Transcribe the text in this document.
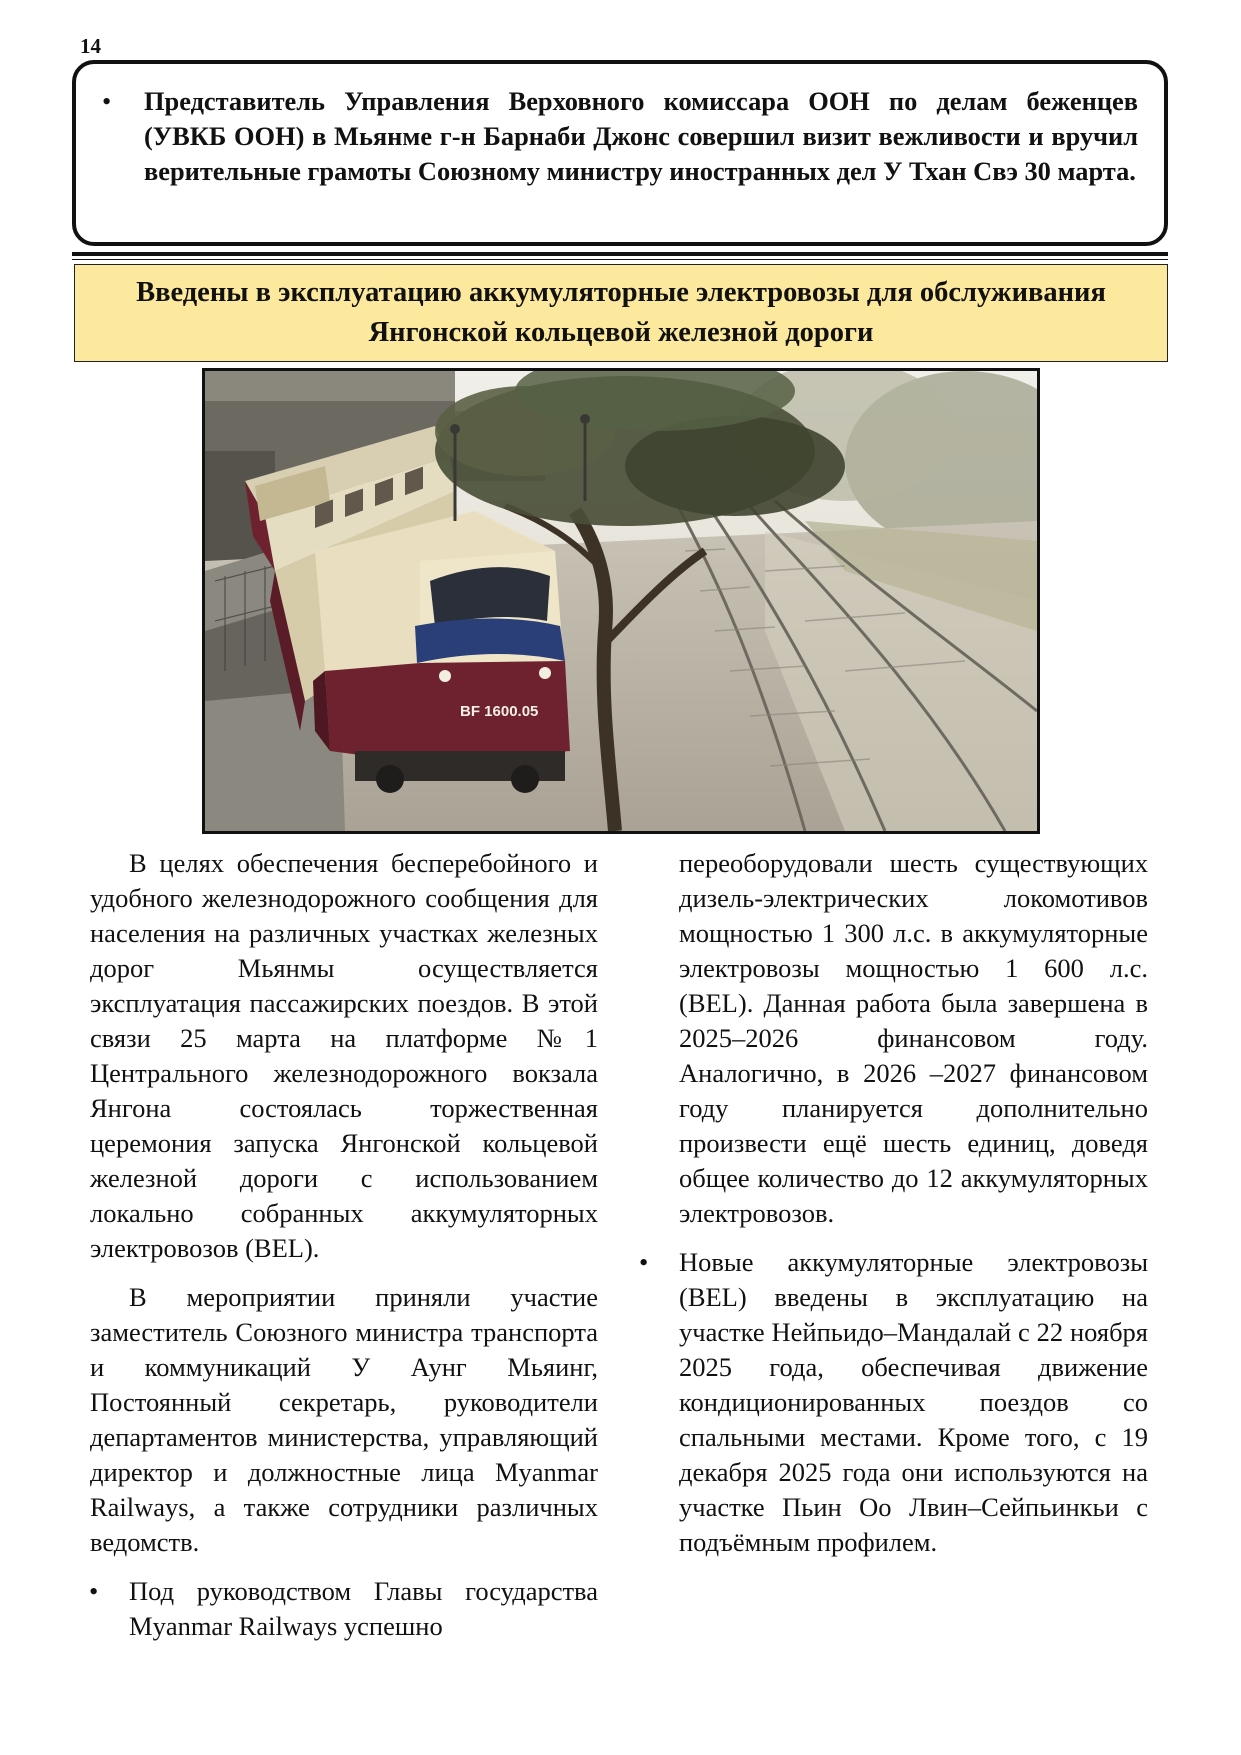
14
• Представитель Управления Верховного комиссара ООН по делам беженцев (УВКБ ООН) в Мьянме г-н Барнаби Джонс совершил визит вежливости и вручил верительные грамоты Союзному министру иностранных дел У Тхан Свэ 30 марта.
Введены в эксплуатацию аккумуляторные электровозы для обслуживания
Янгонской кольцевой железной дороги
BF 1600.05

В целях обеспечения бесперебойного и удобного железнодорожного сообщения для населения на различных участках железных дорог Мьянмы осуществляется эксплуатация пассажирских поездов. В этой связи 25 марта на платформе №1 Центрального железнодорожного вокзала Янгона состоялась торжественная церемония запуска Янгонской кольцевой железной дороги с использованием локально собранных аккумуляторных электровозов (BEL).

В мероприятии приняли участие заместитель Союзного министра транспорта и коммуникаций У Аунг Мьяинг, Постоянный секретарь, руководители департаментов министерства, управляющий директор и должностные лица Myanmar Railways, а также сотрудники различных ведомств.

• Под руководством Главы государства Myanmar Railways успешно

переоборудовали шесть существующих дизель-электрических локомотивов мощностью 1 300 л.с. в аккумуляторные электровозы мощностью 1 600 л.с. (BEL). Данная работа была завершена в 2025–2026 финансовом году. Аналогично, в 2026 –2027 финансовом году планируется дополнительно произвести ещё шесть единиц, доведя общее количество до 12 аккумуляторных электровозов.

• Новые аккумуляторные электровозы (BEL) введены в эксплуатацию на участке Нейпьидо–Мандалай с 22 ноября 2025 года, обеспечивая движение кондиционированных поездов со спальными местами. Кроме того, с 19 декабря 2025 года они используются на участке Пьин Оо Лвин–Сейпьинкьи с подъёмным профилем.
